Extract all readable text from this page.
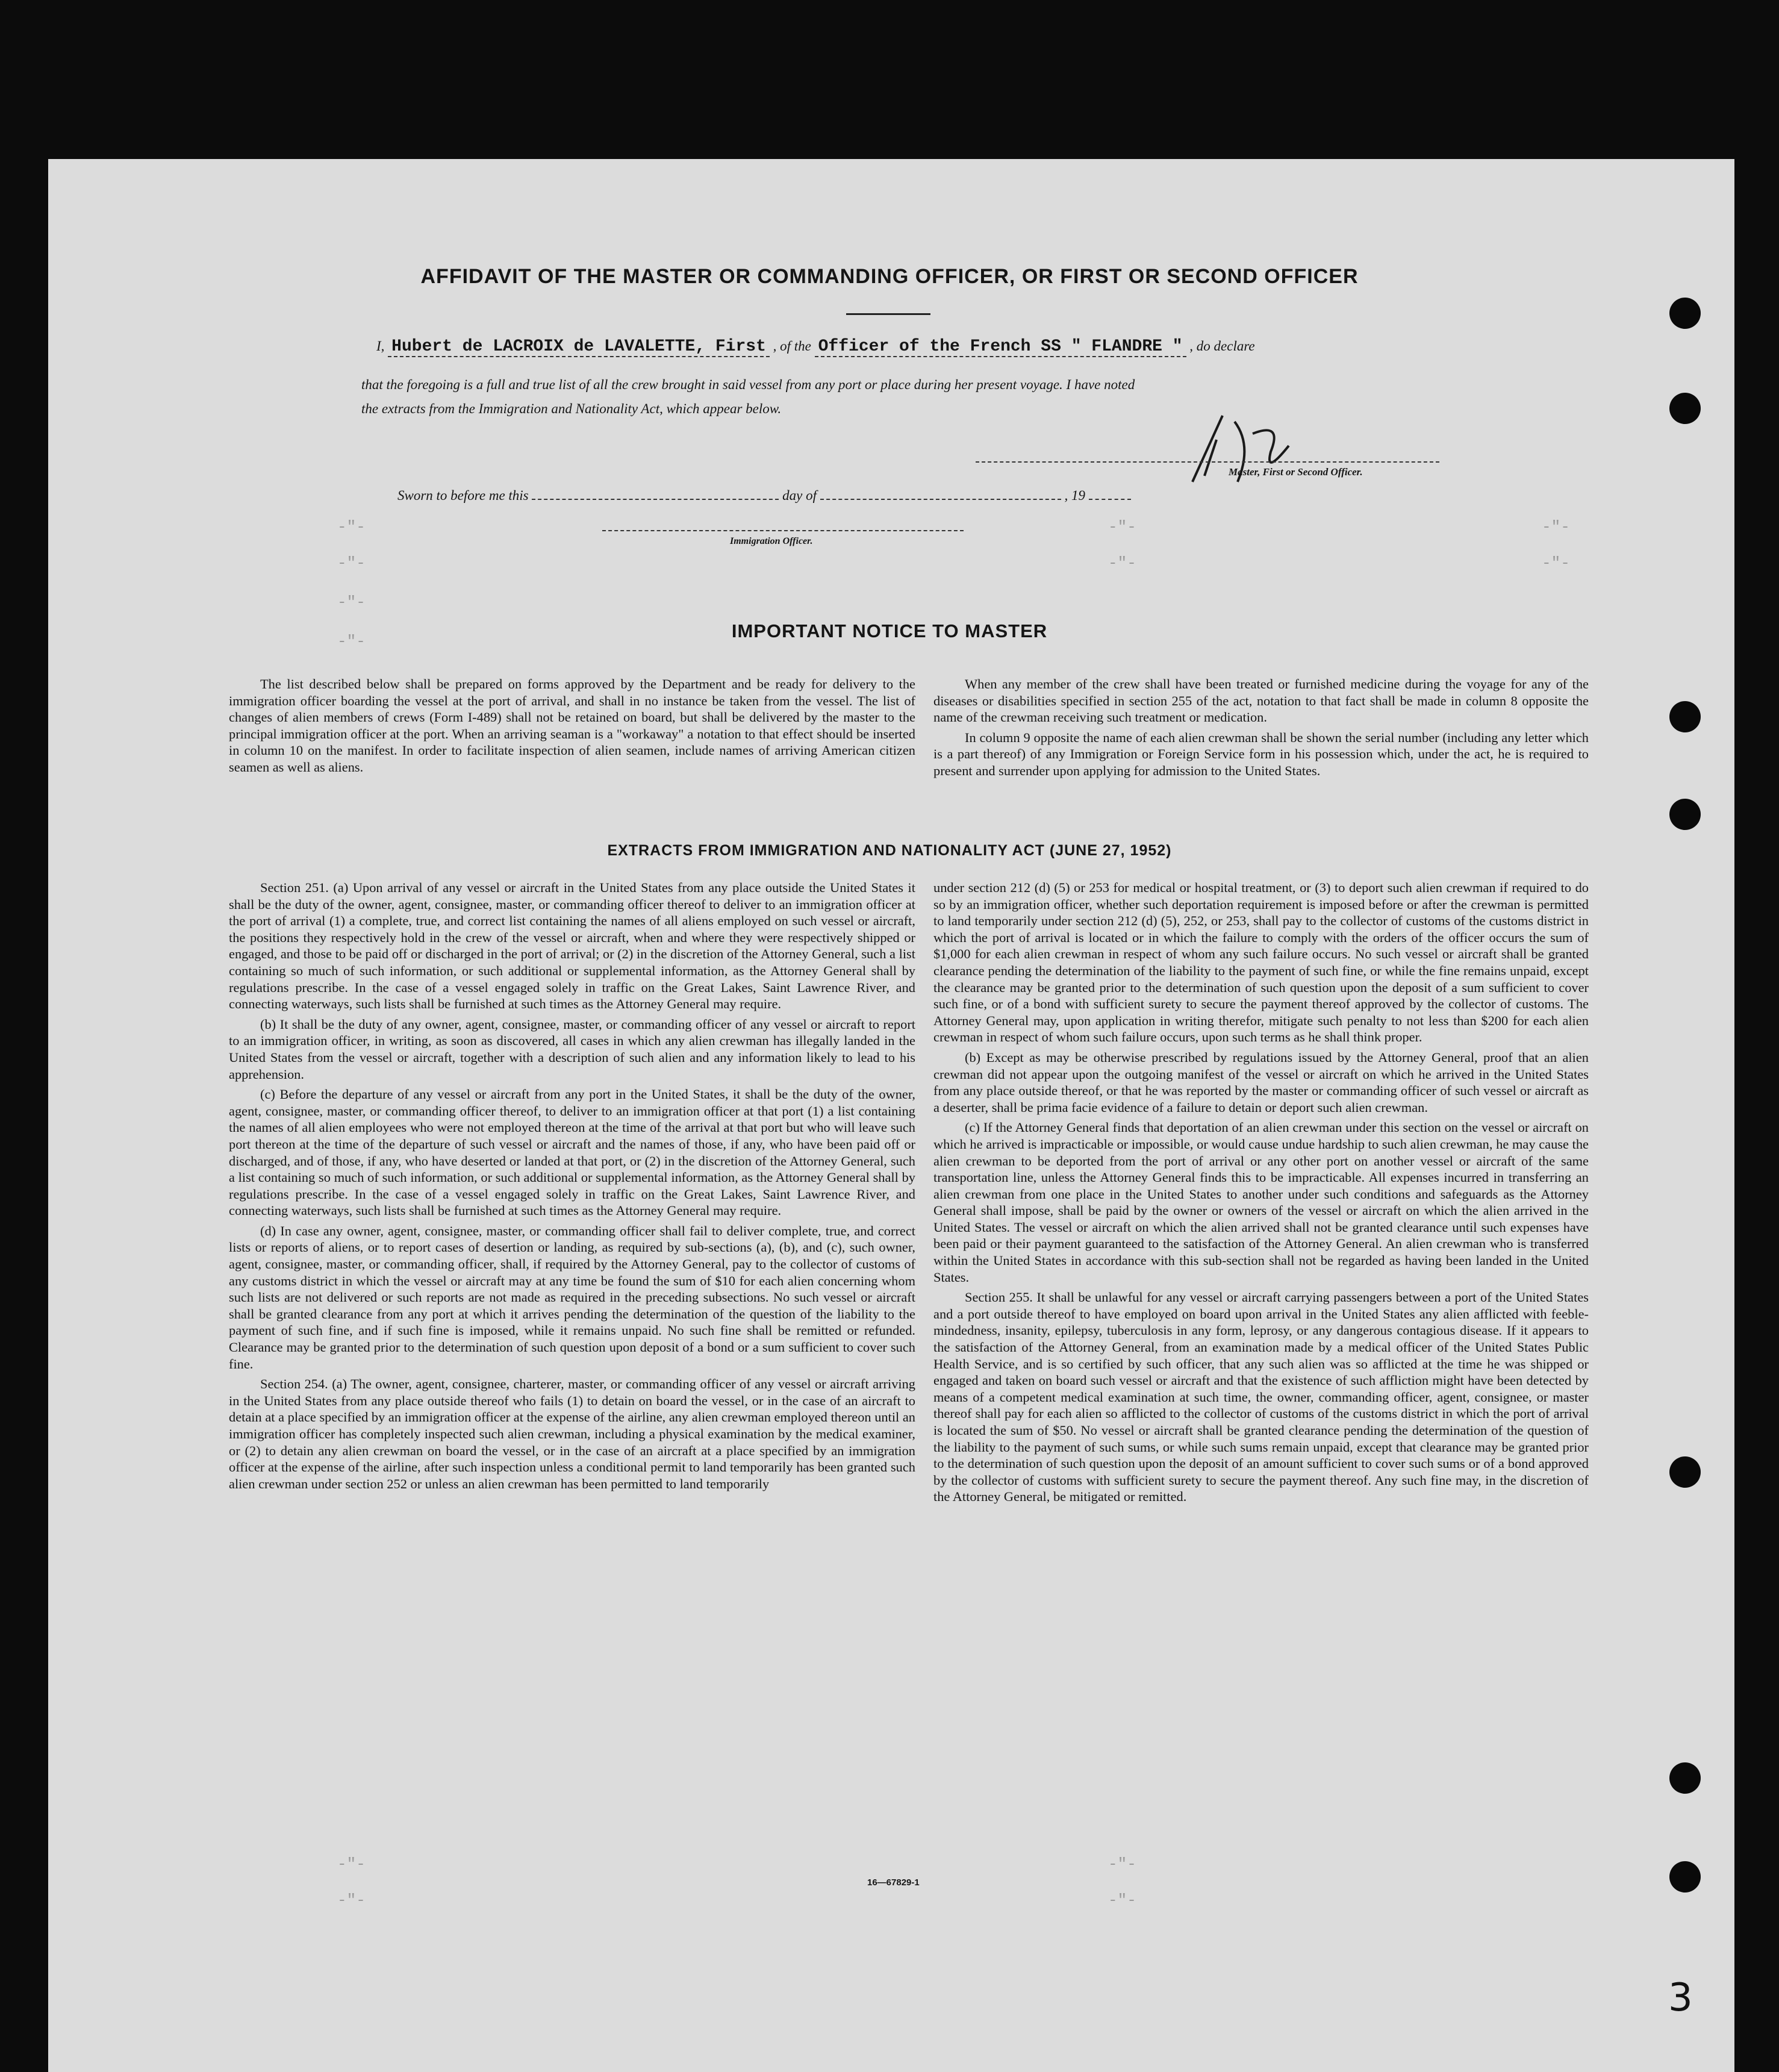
-"-
-"-
-"-
-"-
-"-
-"-
-"-
-"-
-"-
-"-
-"-
-"-
AFFIDAVIT OF THE MASTER OR COMMANDING OFFICER, OR FIRST OR SECOND OFFICER
I, Hubert de LACROIX de LAVALETTE, First , of the Officer of the French SS " FLANDRE " , do declare
that the foregoing is a full and true list of all the crew brought in said vessel from any port or place during her present voyage. I have noted
the extracts from the Immigration and Nationality Act, which appear below.
Master, First or Second Officer.
Sworn to before me this	day of	, 19
Immigration Officer.
IMPORTANT NOTICE TO MASTER

The list described below shall be prepared on forms approved by the Department and be ready for delivery to the immigration officer boarding the vessel at the port of arrival, and shall in no instance be taken from the vessel. The list of changes of alien members of crews (Form I-489) shall not be retained on board, but shall be delivered by the master to the principal immigration officer at the port. When an arriving seaman is a "workaway" a notation to that effect should be inserted in column 10 on the manifest. In order to facilitate inspection of alien seamen, include names of arriving American citizen seamen as well as aliens.

When any member of the crew shall have been treated or furnished medicine during the voyage for any of the diseases or disabilities specified in section 255 of the act, notation to that fact shall be made in column 8 opposite the name of the crewman receiving such treatment or medication.

In column 9 opposite the name of each alien crewman shall be shown the serial number (including any letter which is a part thereof) of any Immigration or Foreign Service form in his possession which, under the act, he is required to present and surrender upon applying for admission to the United States.

EXTRACTS FROM IMMIGRATION AND NATIONALITY ACT (JUNE 27, 1952)

Section 251. (a) Upon arrival of any vessel or aircraft in the United States from any place outside the United States it shall be the duty of the owner, agent, consignee, master, or commanding officer thereof to deliver to an immigration officer at the port of arrival (1) a complete, true, and correct list containing the names of all aliens employed on such vessel or aircraft, the positions they respectively hold in the crew of the vessel or aircraft, when and where they were respectively shipped or engaged, and those to be paid off or discharged in the port of arrival; or (2) in the discretion of the Attorney General, such a list containing so much of such information, or such additional or supplemental information, as the Attorney General shall by regulations prescribe. In the case of a vessel engaged solely in traffic on the Great Lakes, Saint Lawrence River, and connecting waterways, such lists shall be furnished at such times as the Attorney General may require.

(b) It shall be the duty of any owner, agent, consignee, master, or commanding officer of any vessel or aircraft to report to an immigration officer, in writing, as soon as discovered, all cases in which any alien crewman has illegally landed in the United States from the vessel or aircraft, together with a description of such alien and any information likely to lead to his apprehension.

(c) Before the departure of any vessel or aircraft from any port in the United States, it shall be the duty of the owner, agent, consignee, master, or commanding officer thereof, to deliver to an immigration officer at that port (1) a list containing the names of all alien employees who were not employed thereon at the time of the arrival at that port but who will leave such port thereon at the time of the departure of such vessel or aircraft and the names of those, if any, who have been paid off or discharged, and of those, if any, who have deserted or landed at that port, or (2) in the discretion of the Attorney General, such a list containing so much of such information, or such additional or supplemental information, as the Attorney General shall by regulations prescribe. In the case of a vessel engaged solely in traffic on the Great Lakes, Saint Lawrence River, and connecting waterways, such lists shall be furnished at such times as the Attorney General may require.

(d) In case any owner, agent, consignee, master, or commanding officer shall fail to deliver complete, true, and correct lists or reports of aliens, or to report cases of desertion or landing, as required by sub-sections (a), (b), and (c), such owner, agent, consignee, master, or commanding officer, shall, if required by the Attorney General, pay to the collector of customs of any customs district in which the vessel or aircraft may at any time be found the sum of $10 for each alien concerning whom such lists are not delivered or such reports are not made as required in the preceding subsections. No such vessel or aircraft shall be granted clearance from any port at which it arrives pending the determination of the question of the liability to the payment of such fine, and if such fine is imposed, while it remains unpaid. No such fine shall be remitted or refunded. Clearance may be granted prior to the determination of such question upon deposit of a bond or a sum sufficient to cover such fine.

Section 254. (a) The owner, agent, consignee, charterer, master, or commanding officer of any vessel or aircraft arriving in the United States from any place outside thereof who fails (1) to detain on board the vessel, or in the case of an aircraft to detain at a place specified by an immigration officer at the expense of the airline, any alien crewman employed thereon until an immigration officer has completely inspected such alien crewman, including a physical examination by the medical examiner, or (2) to detain any alien crewman on board the vessel, or in the case of an aircraft at a place specified by an immigration officer at the expense of the airline, after such inspection unless a conditional permit to land temporarily has been granted such alien crewman under section 252 or unless an alien crewman has been permitted to land temporarily

under section 212 (d) (5) or 253 for medical or hospital treatment, or (3) to deport such alien crewman if required to do so by an immigration officer, whether such deportation requirement is imposed before or after the crewman is permitted to land temporarily under section 212 (d) (5), 252, or 253, shall pay to the collector of customs of the customs district in which the port of arrival is located or in which the failure to comply with the orders of the officer occurs the sum of $1,000 for each alien crewman in respect of whom any such failure occurs. No such vessel or aircraft shall be granted clearance pending the determination of the liability to the payment of such fine, or while the fine remains unpaid, except the clearance may be granted prior to the determination of such question upon the deposit of a sum sufficient to cover such fine, or of a bond with sufficient surety to secure the payment thereof approved by the collector of customs. The Attorney General may, upon application in writing therefor, mitigate such penalty to not less than $200 for each alien crewman in respect of whom such failure occurs, upon such terms as he shall think proper.

(b) Except as may be otherwise prescribed by regulations issued by the Attorney General, proof that an alien crewman did not appear upon the outgoing manifest of the vessel or aircraft on which he arrived in the United States from any place outside thereof, or that he was reported by the master or commanding officer of such vessel or aircraft as a deserter, shall be prima facie evidence of a failure to detain or deport such alien crewman.

(c) If the Attorney General finds that deportation of an alien crewman under this section on the vessel or aircraft on which he arrived is impracticable or impossible, or would cause undue hardship to such alien crewman, he may cause the alien crewman to be deported from the port of arrival or any other port on another vessel or aircraft of the same transportation line, unless the Attorney General finds this to be impracticable. All expenses incurred in transferring an alien crewman from one place in the United States to another under such conditions and safeguards as the Attorney General shall impose, shall be paid by the owner or owners of the vessel or aircraft on which the alien arrived in the United States. The vessel or aircraft on which the alien arrived shall not be granted clearance until such expenses have been paid or their payment guaranteed to the satisfaction of the Attorney General. An alien crewman who is transferred within the United States in accordance with this sub-section shall not be regarded as having been landed in the United States.

Section 255. It shall be unlawful for any vessel or aircraft carrying passengers between a port of the United States and a port outside thereof to have employed on board upon arrival in the United States any alien afflicted with feeble-mindedness, insanity, epilepsy, tuberculosis in any form, leprosy, or any dangerous contagious disease. If it appears to the satisfaction of the Attorney General, from an examination made by a medical officer of the United States Public Health Service, and is so certified by such officer, that any such alien was so afflicted at the time he was shipped or engaged and taken on board such vessel or aircraft and that the existence of such affliction might have been detected by means of a competent medical examination at such time, the owner, commanding officer, agent, consignee, or master thereof shall pay for each alien so afflicted to the collector of customs of the customs district in which the port of arrival is located the sum of $50. No vessel or aircraft shall be granted clearance pending the determination of the question of the liability to the payment of such sums, or while such sums remain unpaid, except that clearance may be granted prior to the determination of such question upon the deposit of an amount sufficient to cover such sums or of a bond approved by the collector of customs with sufficient surety to secure the payment thereof. Any such fine may, in the discretion of the Attorney General, be mitigated or remitted.

16—67829-1
3
